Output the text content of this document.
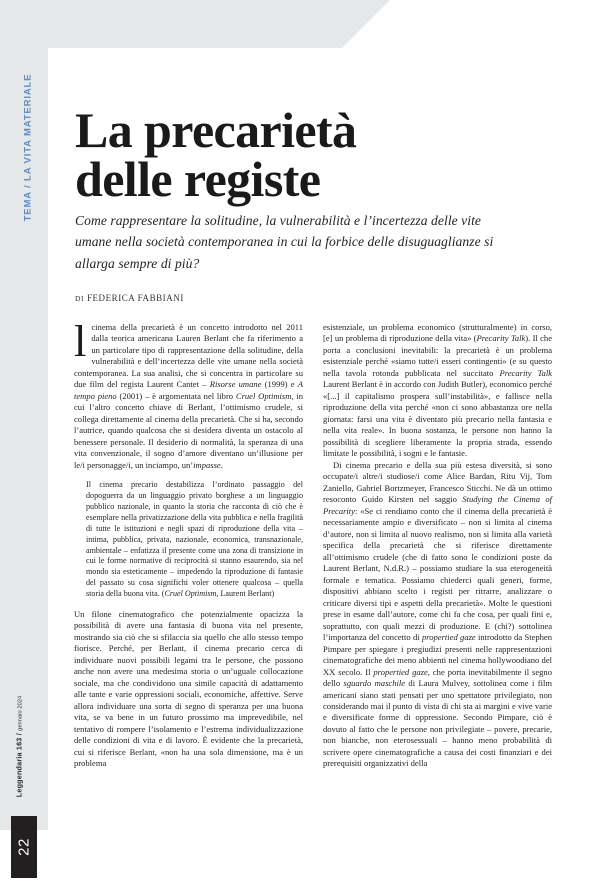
TEMA / LA VITA MATERIALE
Leggendaria 163 / gennaio 2024
22
La precarietà
delle registe
Come rappresentare la solitudine, la vulnerabilità e l’incertezza delle vite umane nella società contemporanea in cui la forbice delle disuguaglianze si allarga sempre di più?
DI FEDERICA FABBIANI

lcinema della precarietà è un concetto introdotto nel 2011 dalla teorica americana Lauren Berlant che fa riferimento a un particolare tipo di rappresentazione della solitudine, della vulnerabilità e dell’incertezza delle vite umane nella società contemporanea. La sua analisi, che si concentra in particolare su due film del regista Laurent Cantet – Risorse umane (1999) e A tempo pieno (2001) – è argomentata nel libro Cruel Optimism, in cui l’altro concetto chiave di Berlant, l’ottimismo crudele, si collega direttamente al cinema della precarietà. Che si ha, secondo l’autrice, quando qualcosa che si desidera diventa un ostacolo al benessere personale. Il desiderio di normalità, la speranza di una vita convenzionale, il sogno d’amore diventano un’illusione per le/i personagge/i, un inciampo, un’impasse.

Il cinema precario destabilizza l’ordinato passaggio del dopoguerra da un linguaggio privato borghese a un linguaggio pubblico nazionale, in quanto la storia che racconta di ciò che è esemplare nella privatizzazione della vita pubblica e nella fragilità di tutte le istituzioni e negli spazi di riproduzione della vita – intima, pubblica, privata, nazionale, economica, transnazionale, ambientale – enfatizza il presente come una zona di transizione in cui le forme normative di reciprocità si stanno esaurendo, sia nel mondo sia esteticamente – impedendo la riproduzione di fantasie del passato su cosa significhi voler ottenere qualcosa – quella storia della buona vita. (Cruel Optimism, Laurent Berlant)

Un filone cinematografico che potenzialmente opacizza la possibilità di avere una fantasia di buona vita nel presente, mostrando sia ciò che si sfilaccia sia quello che allo stesso tempo fiorisce. Perché, per Berlant, il cinema precario cerca di individuare nuovi possibili legami tra le persone, che possono anche non avere una medesima storia o un’uguale collocazione sociale, ma che condividono una simile capacità di adattamento alle tante e varie oppressioni sociali, economiche, affettive. Serve allora individuare una sorta di segno di speranza per una buona vita, se va bene in un futuro prossimo ma imprevedibile, nel tentativo di rompere l’isolamento e l’estrema individualizzazione delle condizioni di vita e di lavoro. È evidente che la precarietà, cui si riferisce Berlant, «non ha una sola dimensione, ma è un problema

esistenziale, un problema economico (strutturalmente) in corso, [e] un problema di riproduzione della vita» (Precarity Talk). Il che porta a conclusioni inevitabili: la precarietà è un problema esistenziale perché «siamo tutte/i esseri contingenti» (e su questo nella tavola rotonda pubblicata nel succitato Precarity Talk Laurent Berlant è in accordo con Judith Butler), economico perché «[...] il capitalismo prospera sull’instabilità», e fallisce nella riproduzione della vita perché «non ci sono abbastanza ore nella giornata: farsi una vita è diventato più precario nella fantasia e nella vita reale». In buona sostanza, le persone non hanno la possibilità di scegliere liberamente la propria strada, essendo limitate le possibilità, i sogni e le fantasie.

Di cinema precario e della sua più estesa diversità, si sono occupate/i altre/i studiose/i come Alice Bardan, Ritu Vij, Tom Zaniello, Gabriel Bortzmeyer, Francesco Sticchi. Ne dà un ottimo resoconto Guido Kirsten nel saggio Studying the Cinema of Precarity: «Se ci rendiamo conto che il cinema della precarietà è necessariamente ampio e diversificato – non si limita al cinema d’autore, non si limita al nuovo realismo, non si limita alla varietà specifica della precarietà che si riferisce direttamente all’ottimismo crudele (che di fatto sono le condizioni poste da Laurent Berlant, N.d.R.) – possiamo studiare la sua eterogeneità formale e tematica. Possiamo chiederci quali generi, forme, dispositivi abbiano scelto i registi per ritrarre, analizzare o criticare diversi tipi e aspetti della precarietà». Molte le questioni prese in esame dall’autore, come chi fa che cosa, per quali fini e, soprattutto, con quali mezzi di produzione. E (chi?) sottolinea l’importanza del concetto di propertied gaze introdotto da Stephen Pimpare per spiegare i pregiudizi presenti nelle rappresentazioni cinematografiche dei meno abbienti nel cinema hollywoodiano del XX secolo. Il propertied gaze, che porta inevitabilmente il segno dello sguardo maschile di Laura Mulvey, sottolinea come i film americani siano stati pensati per uno spettatore privilegiato, non considerando mai il punto di vista di chi sta ai margini e vive varie e diversificate forme di oppressione. Secondo Pimpare, ciò è dovuto al fatto che le persone non privilegiate – povere, precarie, non bianche, non eterosessuali – hanno meno probabilità di scrivere opere cinematografiche a causa dei costi finanziari e dei prerequisiti organizzativi della
